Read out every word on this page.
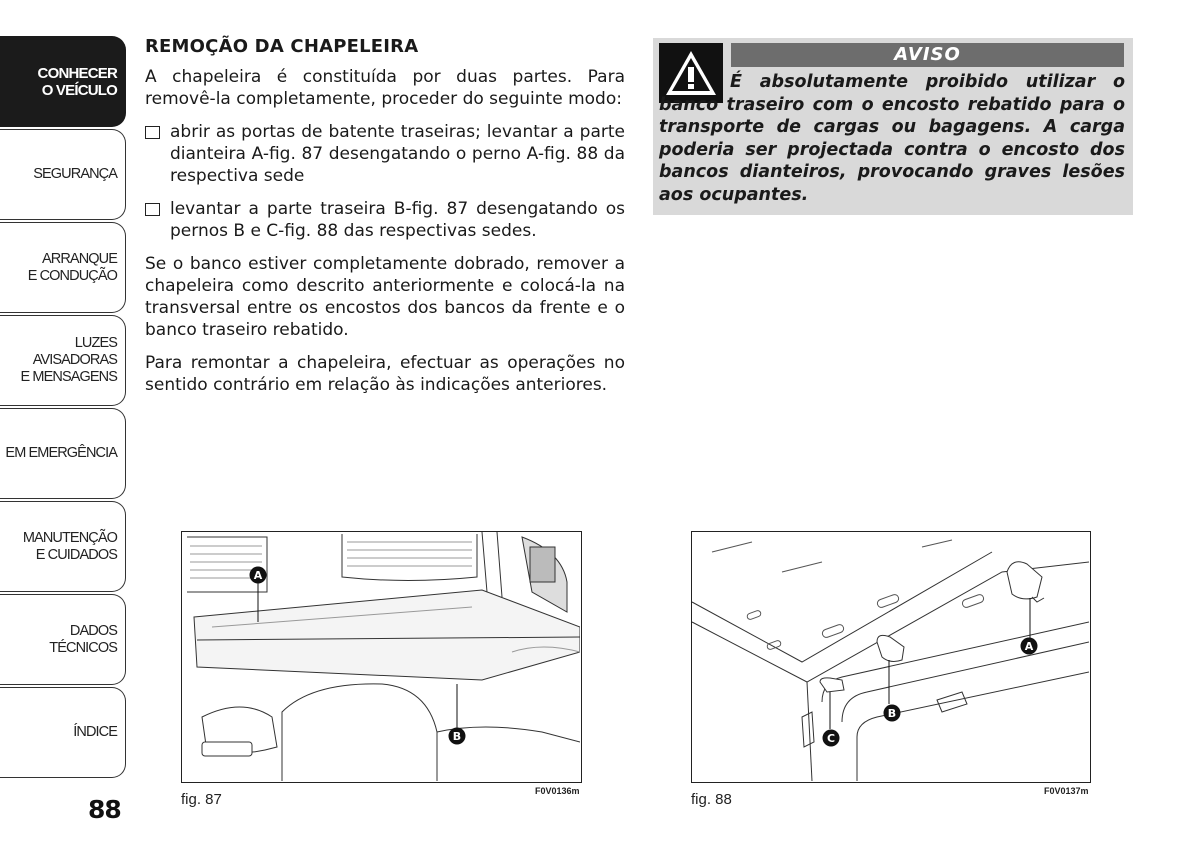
CONHECER
O VEÍCULO
SEGURANÇA
ARRANQUE
E CONDUÇÃO
LUZES AVISADORAS
E MENSAGENS
EM EMERGÊNCIA
MANUTENÇÃO
E CUIDADOS
DADOS TÉCNICOS
ÍNDICE
88
REMOÇÃO DA CHAPELEIRA

A chapeleira é constituída por duas partes. Para removê-la completamente, proceder do seguinte modo:

abrir as portas de batente traseiras; levantar a parte dianteira A-fig. 87 desengatando o perno A-fig. 88 da respectiva sede
levantar a parte traseira B-fig. 87 desengatando os pernos B e C-fig. 88 das respectivas sedes.

Se o banco estiver completamente dobrado, remover a chapeleira como descrito anteriormente e colocá-la na transversal entre os encostos dos bancos da frente e o banco traseiro rebatido.

Para remontar a chapeleira, efectuar as operações no sentido contrário em relação às indicações anteriores.

AVISO
É absolutamente proibido utilizar o banco traseiro com o encosto rebatido para o transporte de cargas ou bagagens. A carga poderia ser projectada contra o encosto dos bancos dianteiros, provocando graves lesões aos ocupantes.
A
B
fig. 87	F0V0136m
A
B
C
fig. 88	F0V0137m
